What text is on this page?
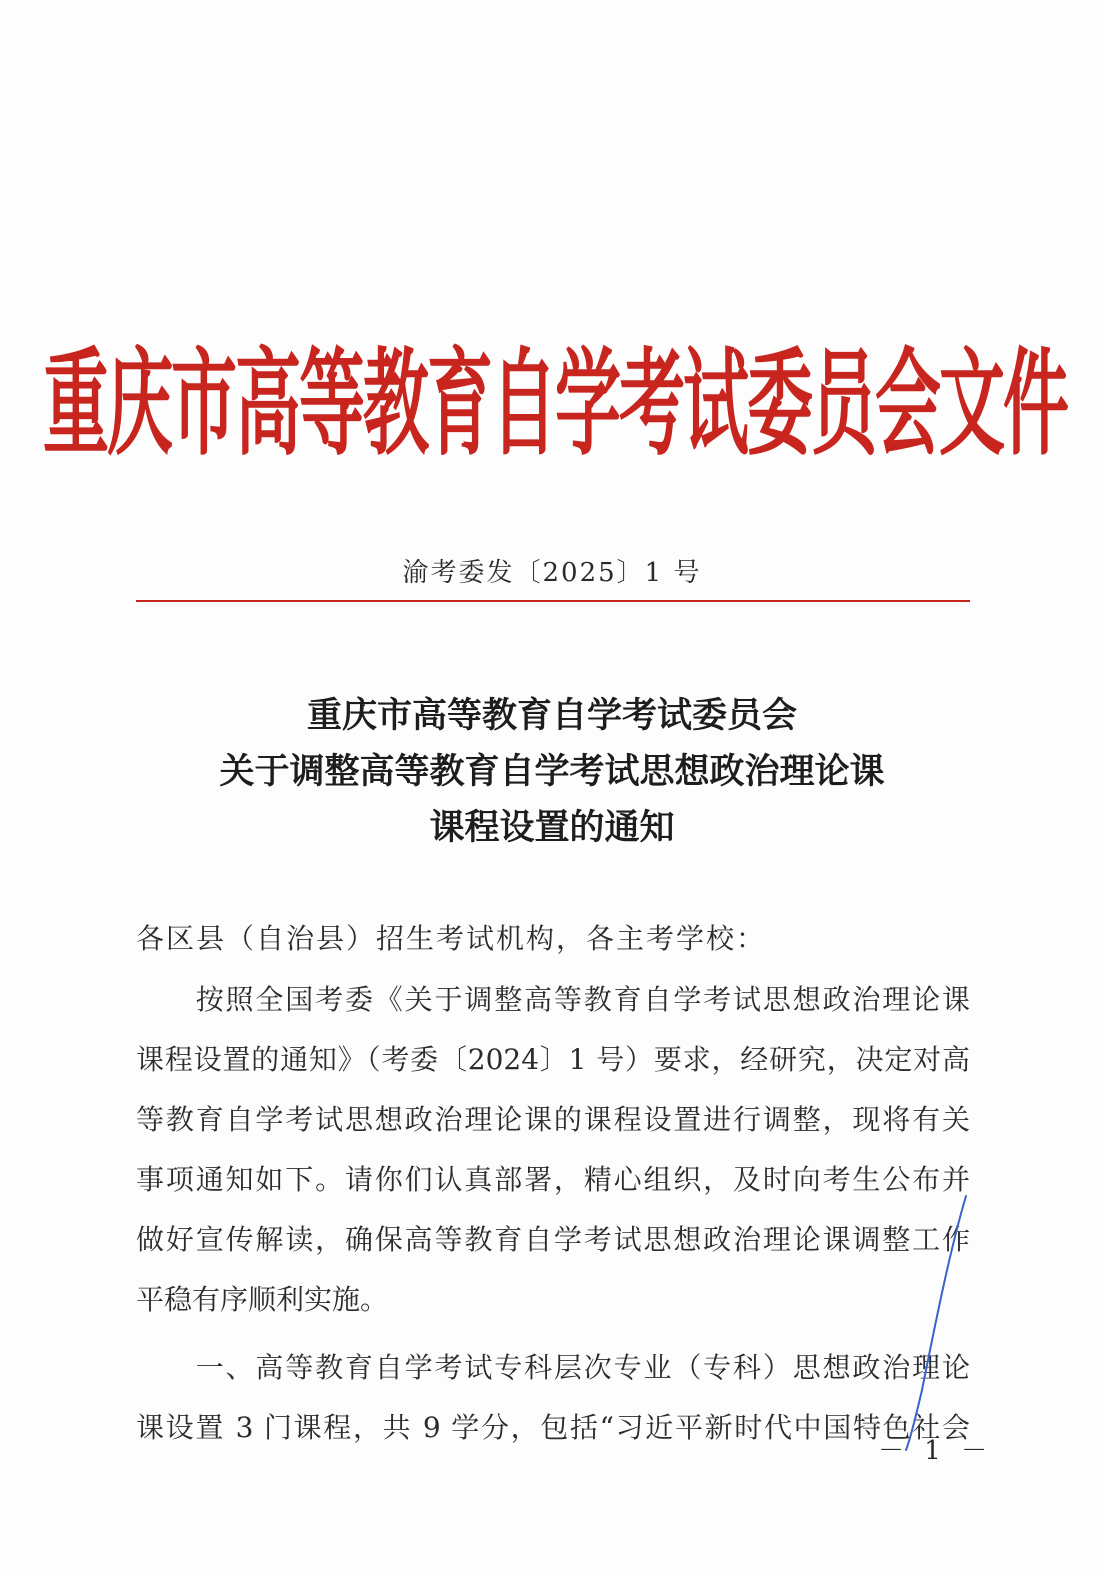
重庆市高等教育自学考试委员会文件
渝考委发〔2025〕1 号
重庆市高等教育自学考试委员会
关于调整高等教育自学考试思想政治理论课
课程设置的通知
各区县（自治县）招生考试机构，各主考学校：
　　按照全国考委《关于调整高等教育自学考试思想政治理论课
课程设置的通知》（考委〔2024〕1 号）要求，经研究，决定对高
等教育自学考试思想政治理论课的课程设置进行调整，现将有关
事项通知如下。请你们认真部署，精心组织，及时向考生公布并
做好宣传解读，确保高等教育自学考试思想政治理论课调整工作
平稳有序顺利实施。
　　一、高等教育自学考试专科层次专业（专科）思想政治理论
课设置 3 门课程，共 9 学分，包括“习近平新时代中国特色社会
－ 1 －
